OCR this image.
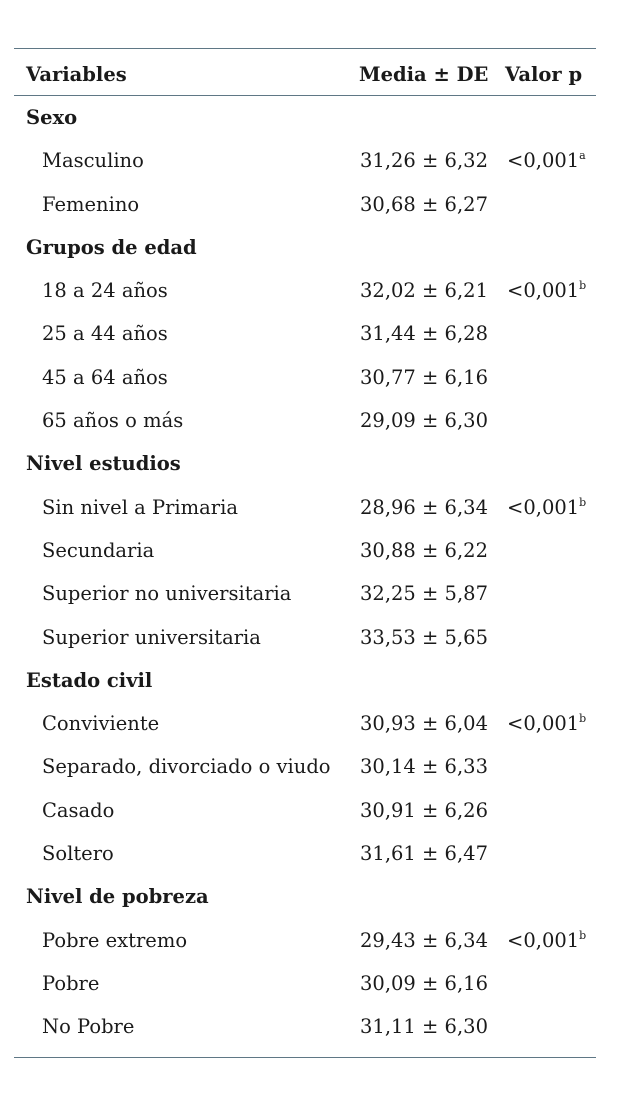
Variables	Media ± DE Valor p
Sexo
Masculino	31,26 ± 6,32 <0,001$^a$
Femenino	30,68 ± 6,27
Grupos de edad
18 a 24 años	32,02 ± 6,21 <0,001$^b$
25 a 44 años	31,44 ± 6,28
45 a 64 años	30,77 ± 6,16
65 años o más	29,09 ± 6,30
Nivel estudios
Sin nivel a Primaria	28,96 ± 6,34 <0,001$^b$
Secundaria	30,88 ± 6,22
Superior no universitaria	32,25 ± 5,87
Superior universitaria	33,53 ± 5,65
Estado civil
Conviviente	30,93 ± 6,04 <0,001$^b$
Separado, divorciado o viudo 30,14 ± 6,33
Casado	30,91 ± 6,26
Soltero	31,61 ± 6,47
Nivel de pobreza
Pobre extremo	29,43 ± 6,34 <0,001$^b$
Pobre	30,09 ± 6,16
No Pobre	31,11 ± 6,30
